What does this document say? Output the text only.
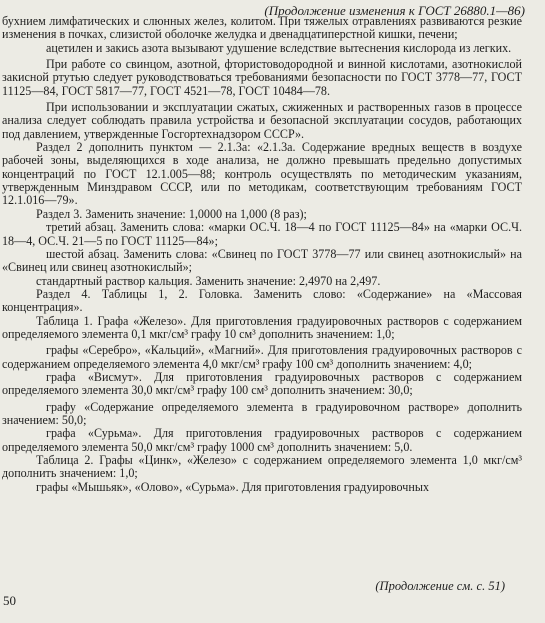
(Продолжение изменения к ГОСТ 26880.1—86)

бухнием лимфатических и слюнных желез, колитом. При тяжелых отравлениях развиваются резкие изменения в почках, слизистой оболочке желудка и двенадцатиперстной кишки, печени;

ацетилен и закись азота вызывают удушение вследствие вытеснения кислорода из легких.

При работе со свинцом, азотной, фтористоводородной и винной кислотами, азотнокислой закисной ртутью следует руководствоваться требованиями безопасности по ГОСТ 3778—77, ГОСТ 11125—84, ГОСТ 5817—77, ГОСТ 4521—78, ГОСТ 10484—78.

При использовании и эксплуатации сжатых, сжиженных и растворенных газов в процессе анализа следует соблюдать правила устройства и безопасной эксплуатации сосудов, работающих под давлением, утвержденные Госгортехнадзором СССР».

Раздел 2 дополнить пунктом — 2.1.3а: «2.1.3а. Содержание вредных веществ в воздухе рабочей зоны, выделяющихся в ходе анализа, не должно превышать предельно допустимых концентраций по ГОСТ 12.1.005—88; контроль осуществлять по методическим указаниям, утвержденным Минздравом СССР, или по методикам, соответствующим требованиям ГОСТ 12.1.016—79».

Раздел 3. Заменить значение: 1,0000 на 1,000 (8 раз);

третий абзац. Заменить слова: «марки ОС.Ч. 18—4 по ГОСТ 11125—84» на «марки ОС.Ч. 18—4, ОС.Ч. 21—5 по ГОСТ 11125—84»;

шестой абзац. Заменить слова: «Свинец по ГОСТ 3778—77 или свинец азотнокислый» на «Свинец или свинец азотнокислый»;

стандартный раствор кальция. Заменить значение: 2,4970 на 2,497.

Раздел 4. Таблицы 1, 2. Головка. Заменить слово: «Содержание» на «Массовая концентрация».

Таблица 1. Графа «Железо». Для приготовления градуировочных растворов с содержанием определяемого элемента 0,1 мкг/см³ графу 10 см³ дополнить значением: 1,0;

графы «Серебро», «Кальций», «Магний». Для приготовления градуировочных растворов с содержанием определяемого элемента 4,0 мкг/см³ графу 100 см³ дополнить значением: 4,0;

графа «Висмут». Для приготовления градуировочных растворов с содержанием определяемого элемента 30,0 мкг/см³ графу 100 см³ дополнить значением: 30,0;

графу «Содержание определяемого элемента в градуировочном растворе» дополнить значением: 50,0;

графа «Сурьма». Для приготовления градуировочных растворов с содержанием определяемого элемента 50,0 мкг/см³ графу 1000 см³ дополнить значением: 5,0.

Таблица 2. Графы «Цинк», «Железо» с содержанием определяемого элемента 1,0 мкг/см³ дополнить значением: 1,0;

графы «Мышьяк», «Олово», «Сурьма». Для приготовления градуировочных

(Продолжение см. с. 51)
50
